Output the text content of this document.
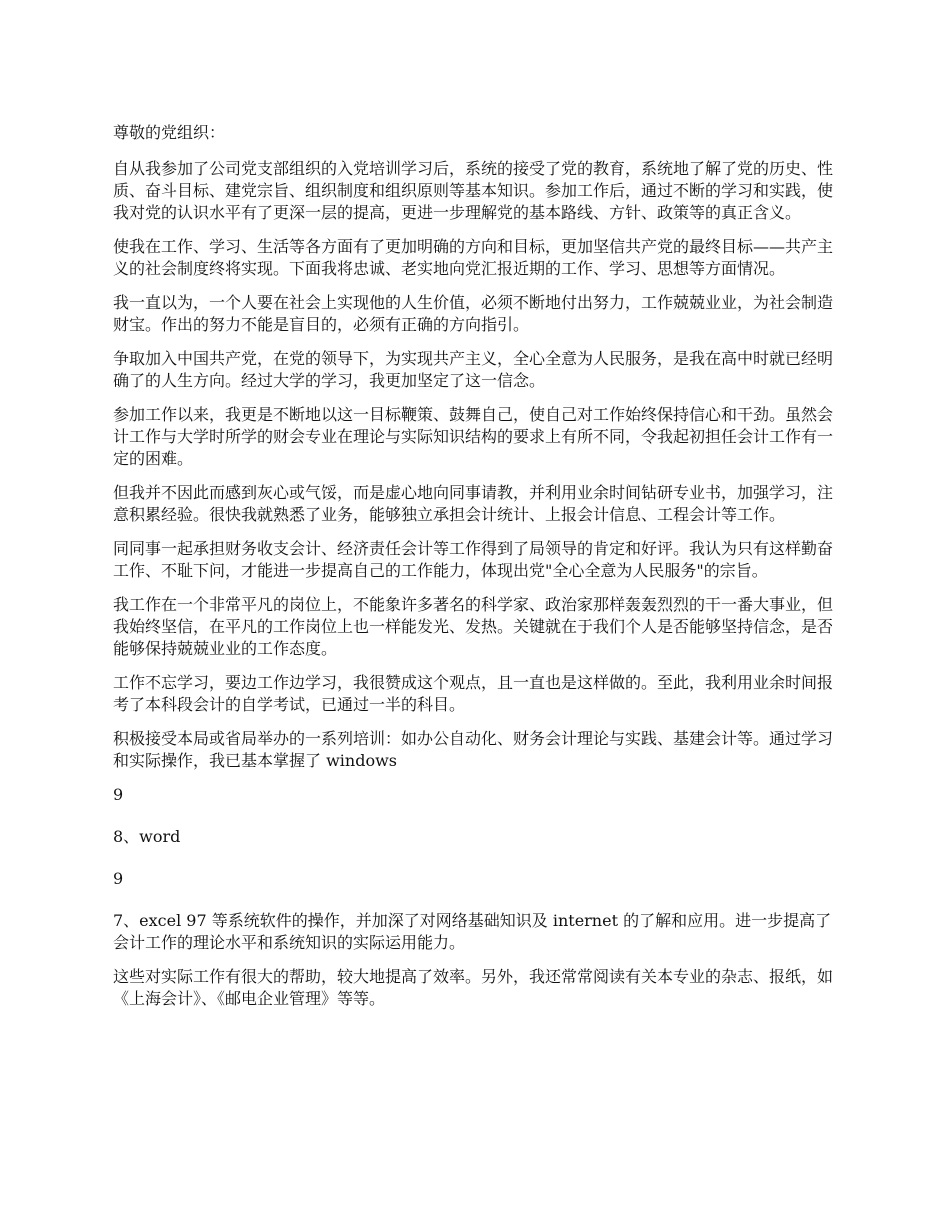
尊敬的党组织：

自从我参加了公司党支部组织的入党培训学习后，系统的接受了党的教育，系统地了解了党的历史、性质、奋斗目标、建党宗旨、组织制度和组织原则等基本知识。参加工作后，通过不断的学习和实践，使我对党的认识水平有了更深一层的提高，更进一步理解党的基本路线、方针、政策等的真正含义。

使我在工作、学习、生活等各方面有了更加明确的方向和目标，更加坚信共产党的最终目标——共产主义的社会制度终将实现。下面我将忠诚、老实地向党汇报近期的工作、学习、思想等方面情况。

我一直以为，一个人要在社会上实现他的人生价值，必须不断地付出努力，工作兢兢业业，为社会制造财宝。作出的努力不能是盲目的，必须有正确的方向指引。

争取加入中国共产党，在党的领导下，为实现共产主义，全心全意为人民服务，是我在高中时就已经明确了的人生方向。经过大学的学习，我更加坚定了这一信念。

参加工作以来，我更是不断地以这一目标鞭策、鼓舞自己，使自己对工作始终保持信心和干劲。虽然会计工作与大学时所学的财会专业在理论与实际知识结构的要求上有所不同，令我起初担任会计工作有一定的困难。

但我并不因此而感到灰心或气馁，而是虚心地向同事请教，并利用业余时间钻研专业书，加强学习，注意积累经验。很快我就熟悉了业务，能够独立承担会计统计、上报会计信息、工程会计等工作。

同同事一起承担财务收支会计、经济责任会计等工作得到了局领导的肯定和好评。我认为只有这样勤奋工作、不耻下问，才能进一步提高自己的工作能力，体现出党"全心全意为人民服务"的宗旨。

我工作在一个非常平凡的岗位上，不能象许多著名的科学家、政治家那样轰轰烈烈的干一番大事业，但我始终坚信，在平凡的工作岗位上也一样能发光、发热。关键就在于我们个人是否能够坚持信念，是否能够保持兢兢业业的工作态度。

工作不忘学习，要边工作边学习，我很赞成这个观点，且一直也是这样做的。至此，我利用业余时间报考了本科段会计的自学考试，已通过一半的科目。

积极接受本局或省局举办的一系列培训：如办公自动化、财务会计理论与实践、基建会计等。通过学习和实际操作，我已基本掌握了 windows

9

8、word

9

7、excel 97 等系统软件的操作，并加深了对网络基础知识及 internet 的了解和应用。进一步提高了会计工作的理论水平和系统知识的实际运用能力。

这些对实际工作有很大的帮助，较大地提高了效率。另外，我还常常阅读有关本专业的杂志、报纸，如《上海会计》、《邮电企业管理》等等。
